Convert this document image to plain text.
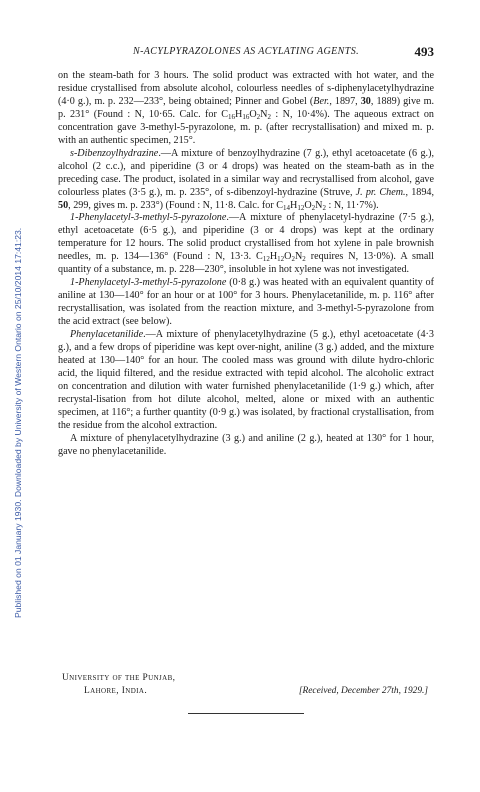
Published on 01 January 1930. Downloaded by University of Western Ontario on 25/10/2014 17:41:23.
N-ACYLPYRAZOLONES AS ACYLATING AGENTS.	493

on the steam-bath for 3 hours. The solid product was extracted with hot water, and the residue crystallised from absolute alcohol, colourless needles of s-diphenylacetylhydrazine (4·0 g.), m. p. 232—233°, being obtained; Pinner and Gobel (Ber., 1897, 30, 1889) give m. p. 231° (Found : N, 10·65. Calc. for $C_{16}H_{16}O_2N_2$ : N, 10·4%). The aqueous extract on concentration gave 3-methyl-5-pyrazolone, m. p. (after recrystallisation) and mixed m. p. with an authentic specimen, 215°.

s-Dibenzoylhydrazine.—A mixture of benzoylhydrazine (7 g.), ethyl acetoacetate (6 g.), alcohol (2 c.c.), and piperidine (3 or 4 drops) was heated on the steam-bath as in the preceding case. The product, isolated in a similar way and recrystallised from alcohol, gave colourless plates (3·5 g.), m. p. 235°, of s-dibenzoyl-hydrazine (Struve, J. pr. Chem., 1894, 50, 299, gives m. p. 233°) (Found : N, 11·8. Calc. for $C_{14}H_{12}O_2N_2$ : N, 11·7%).

1-Phenylacetyl-3-methyl-5-pyrazolone.—A mixture of phenylacetyl-hydrazine (7·5 g.), ethyl acetoacetate (6·5 g.), and piperidine (3 or 4 drops) was kept at the ordinary temperature for 12 hours. The solid product crystallised from hot xylene in pale brownish needles, m. p. 134—136° (Found : N, 13·3. $C_{12}H_{12}O_2N_2$ requires N, 13·0%). A small quantity of a substance, m. p. 228—230°, insoluble in hot xylene was not investigated.

1-Phenylacetyl-3-methyl-5-pyrazolone (0·8 g.) was heated with an equivalent quantity of aniline at 130—140° for an hour or at 100° for 3 hours. Phenylacetanilide, m. p. 116° after recrystallisation, was isolated from the reaction mixture, and 3-methyl-5-pyrazolone from the acid extract (see below).

Phenylacetanilide.—A mixture of phenylacetylhydrazine (5 g.), ethyl acetoacetate (4·3 g.), and a few drops of piperidine was kept over-night, aniline (3 g.) added, and the mixture heated at 130—140° for an hour. The cooled mass was ground with dilute hydro-chloric acid, the liquid filtered, and the residue extracted with tepid alcohol. The alcoholic extract on concentration and dilution with water furnished phenylacetanilide (1·9 g.) which, after recrystal-lisation from hot dilute alcohol, melted, alone or mixed with an authentic specimen, at 116°; a further quantity (0·9 g.) was isolated, by fractional crystallisation, from the residue from the alcohol extraction.

A mixture of phenylacetylhydrazine (3 g.) and aniline (2 g.), heated at 130° for 1 hour, gave no phenylacetanilide.

University of the Punjab,
Lahore, India.	[Received, December 27th, 1929.]
